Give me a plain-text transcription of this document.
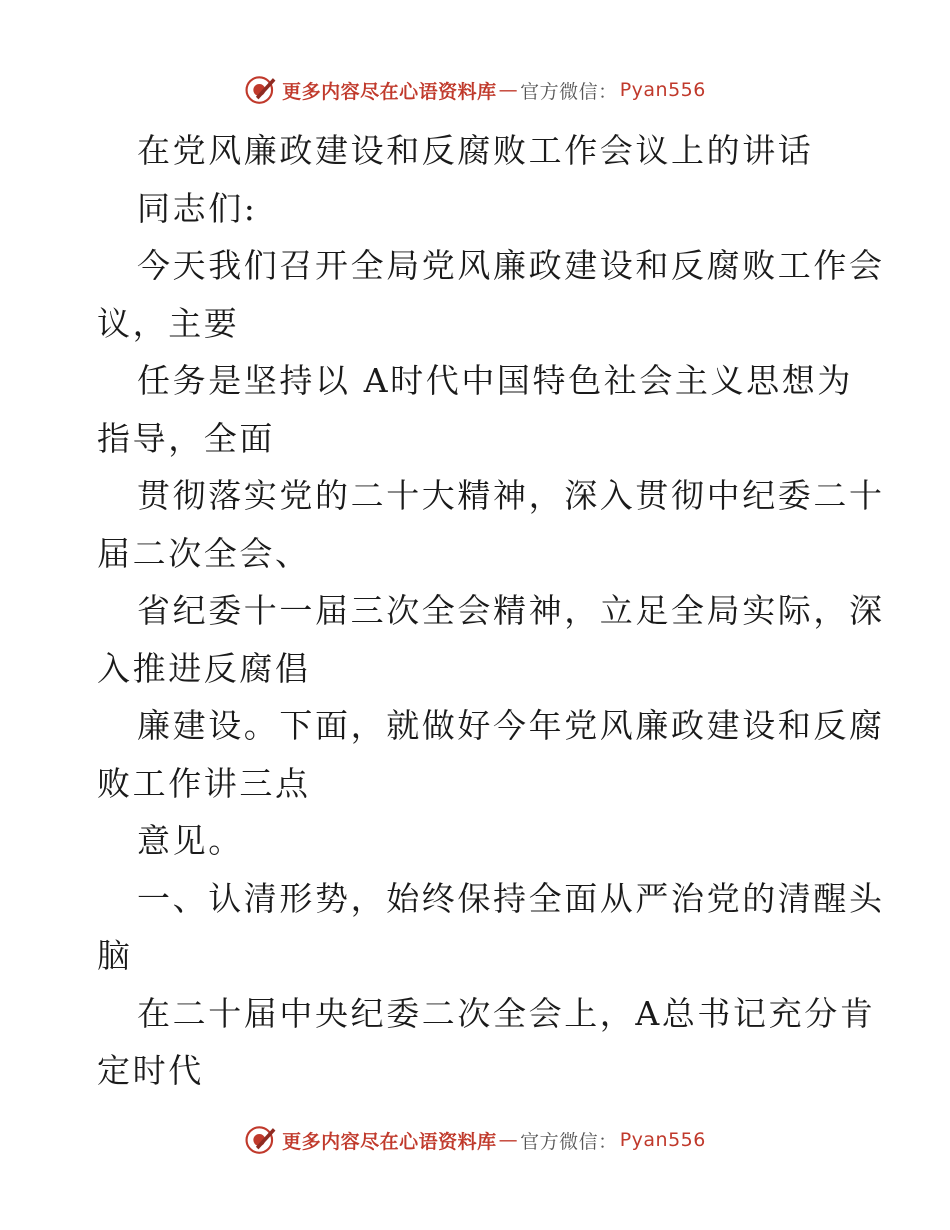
更多内容尽在心语资料库 — 官方微信： Pyan556
在党风廉政建设和反腐败工作会议上的讲话
同志们:
今天我们召开全局党风廉政建设和反腐败工作会
议，主要
任务是坚持以 A时代中国特色社会主义思想为
指导，全面
贯彻落实党的二十大精神，深入贯彻中纪委二十
届二次全会、
省纪委十一届三次全会精神，立足全局实际，深
入推进反腐倡
廉建设。下面，就做好今年党风廉政建设和反腐
败工作讲三点
意见。
一、认清形势，始终保持全面从严治党的清醒头
脑
在二十届中央纪委二次全会上，A总书记充分肯
定时代
更多内容尽在心语资料库 — 官方微信： Pyan556
